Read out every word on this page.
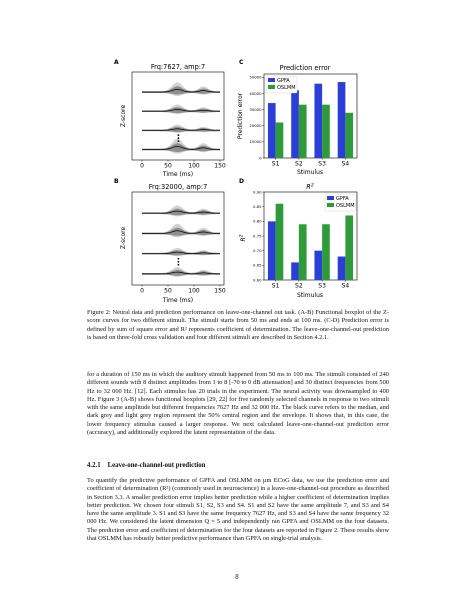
A
Frq:7627, amp:7
Z-score
0	50	100 150
Time (ms)
B
Frq:32000, amp:7
Z-score
0	50	100 150
Time (ms)
C
Prediction error
0
10000
20000
30000
40000
50000
S1	S2	S3	S4
GPFA
OSLMM
Prediction error
Stimulus
D
$R^2$
0.60
0.65
0.70
0.75
0.80
0.85
0.90
S1	S2	S3	S4
GPFA
OSLMM
$R^2$
Stimulus
Figure 2: Neural data and prediction performance on leave-one-channel out task. (A-B) Functional boxplot of the Z-score curves for two different stimuli. The stimuli starts from 50 ms and ends at 100 ms. (C-D) Prediction error is defined by sum of square error and R² represents coefficient of determination. The leave-one-channel-out prediction is based on three-fold cross validation and four different stimuli are described in Section 4.2.1.

for a duration of 150 ms in which the auditory stimuli happened from 50 ms to 100 ms. The stimuli consisted of 240 different sounds with 8 distinct amplitudes from 1 to 8 [-70 to 0 dB attenuation] and 30 distinct frequencies from 500 Hz to 32 000 Hz. [12]. Each stimulus has 20 trials in the experiment. The neural activity was downsampled to 400 Hz. Figure 3 (A-B) shows functional boxplots [29, 22] for five randomly selected channels in response to two stimuli with the same amplitude but different frequencies 7627 Hz and 32 000 Hz. The black curve refers to the median, and dark grey and light grey region represent the 50% central region and the envelope. It shows that, in this case, the lower frequency stimulus caused a larger response. We next calculated leave-one-channel-out prediction error (accuracy), and additionally explored the latent representation of the data.

4.2.1 Leave-one-channel-out prediction

To quantify the predictive performance of GPFA and OSLMM on µm ECoG data, we use the prediction error and coefficient of determination (R²) (commonly used in neuroscience) in a leave-one-channel-out procedure as described in Section 3.3. A smaller prediction error implies better prediction while a higher coefficient of determination implies better prediction. We chosen four stimuli S1, S2, S3 and S4. S1 and S2 have the same amplitude 7, and S3 and S4 have the same amplitude 3. S1 and S3 have the same frequency 7627 Hz, and S3 and S4 have the same frequency 32 000 Hz. We considered the latent dimension Q = 5 and independently ran GPFA and OSLMM on the four datasets. The prediction error and coefficient of determination for the four datasets are reported in Figure 2. These results show that OSLMM has robustly better predictive performance than GPFA on single-trial analysis.

8
